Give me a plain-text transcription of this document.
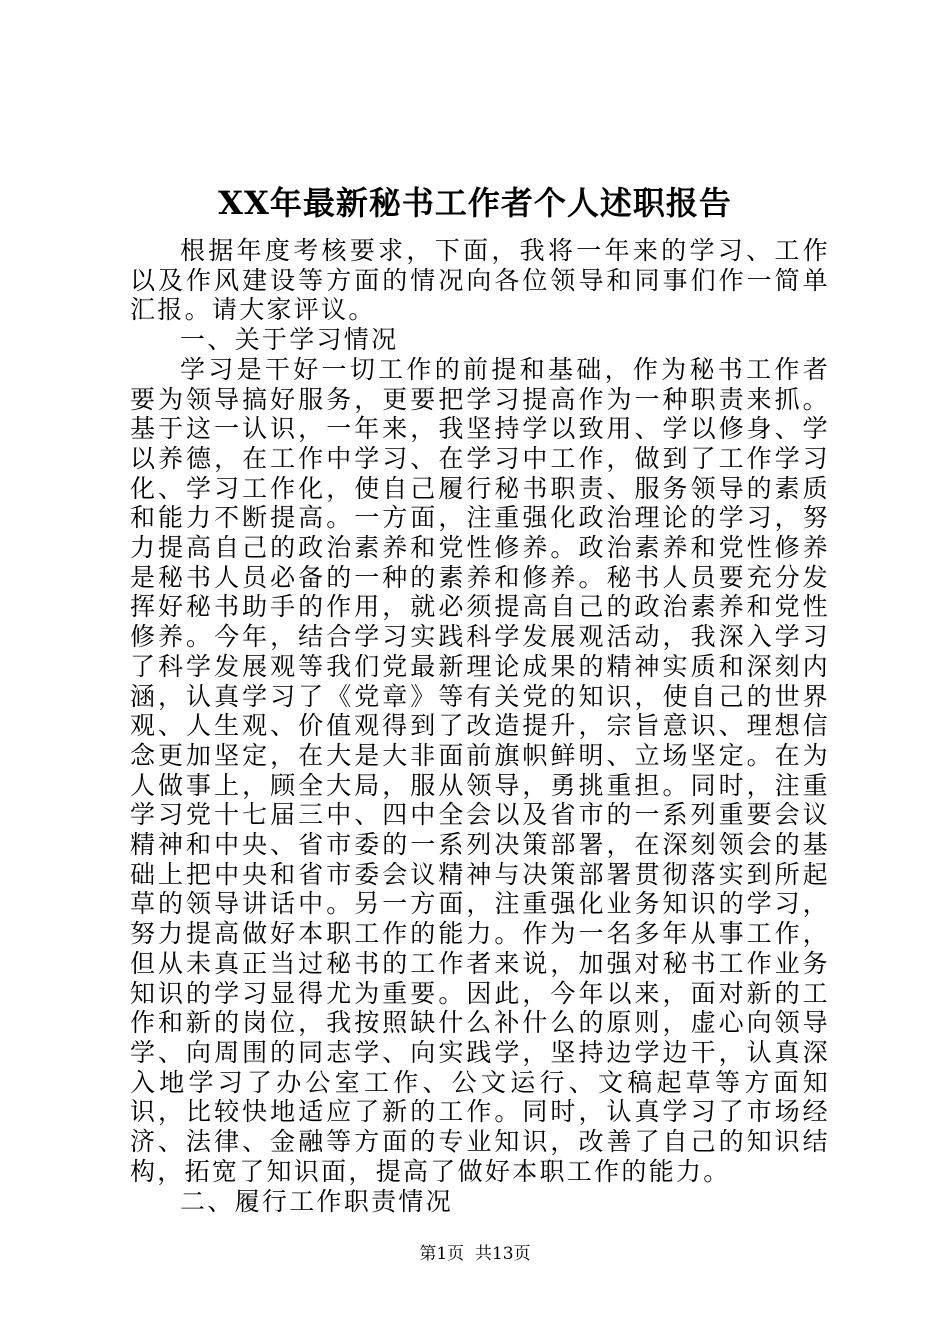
XX年最新秘书工作者个人述职报告

根据年度考核要求，下面，我将一年来的学习、工作以及作风建设等方面的情况向各位领导和同事们作一简单汇报。请大家评议。

一、关于学习情况

学习是干好一切工作的前提和基础，作为秘书工作者要为领导搞好服务，更要把学习提高作为一种职责来抓。基于这一认识，一年来，我坚持学以致用、学以修身、学以养德，在工作中学习、在学习中工作，做到了工作学习化、学习工作化，使自己履行秘书职责、服务领导的素质和能力不断提高。一方面，注重强化政治理论的学习，努力提高自己的政治素养和党性修养。政治素养和党性修养是秘书人员必备的一种的素养和修养。秘书人员要充分发挥好秘书助手的作用，就必须提高自己的政治素养和党性修养。今年，结合学习实践科学发展观活动，我深入学习了科学发展观等我们党最新理论成果的精神实质和深刻内涵，认真学习了《党章》等有关党的知识，使自己的世界观、人生观、价值观得到了改造提升，宗旨意识、理想信念更加坚定，在大是大非面前旗帜鲜明、立场坚定。在为人做事上，顾全大局，服从领导，勇挑重担。同时，注重学习党十七届三中、四中全会以及省市的一系列重要会议精神和中央、省市委的一系列决策部署，在深刻领会的基础上把中央和省市委会议精神与决策部署贯彻落实到所起草的领导讲话中。另一方面，注重强化业务知识的学习，努力提高做好本职工作的能力。作为一名多年从事工作，但从未真正当过秘书的工作者来说，加强对秘书工作业务知识的学习显得尤为重要。因此，今年以来，面对新的工作和新的岗位，我按照缺什么补什么的原则，虚心向领导学、向周围的同志学、向实践学，坚持边学边干，认真深入地学习了办公室工作、公文运行、文稿起草等方面知识，比较快地适应了新的工作。同时，认真学习了市场经济、法律、金融等方面的专业知识，改善了自己的知识结构，拓宽了知识面，提高了做好本职工作的能力。

二、履行工作职责情况

第1页  共13页
